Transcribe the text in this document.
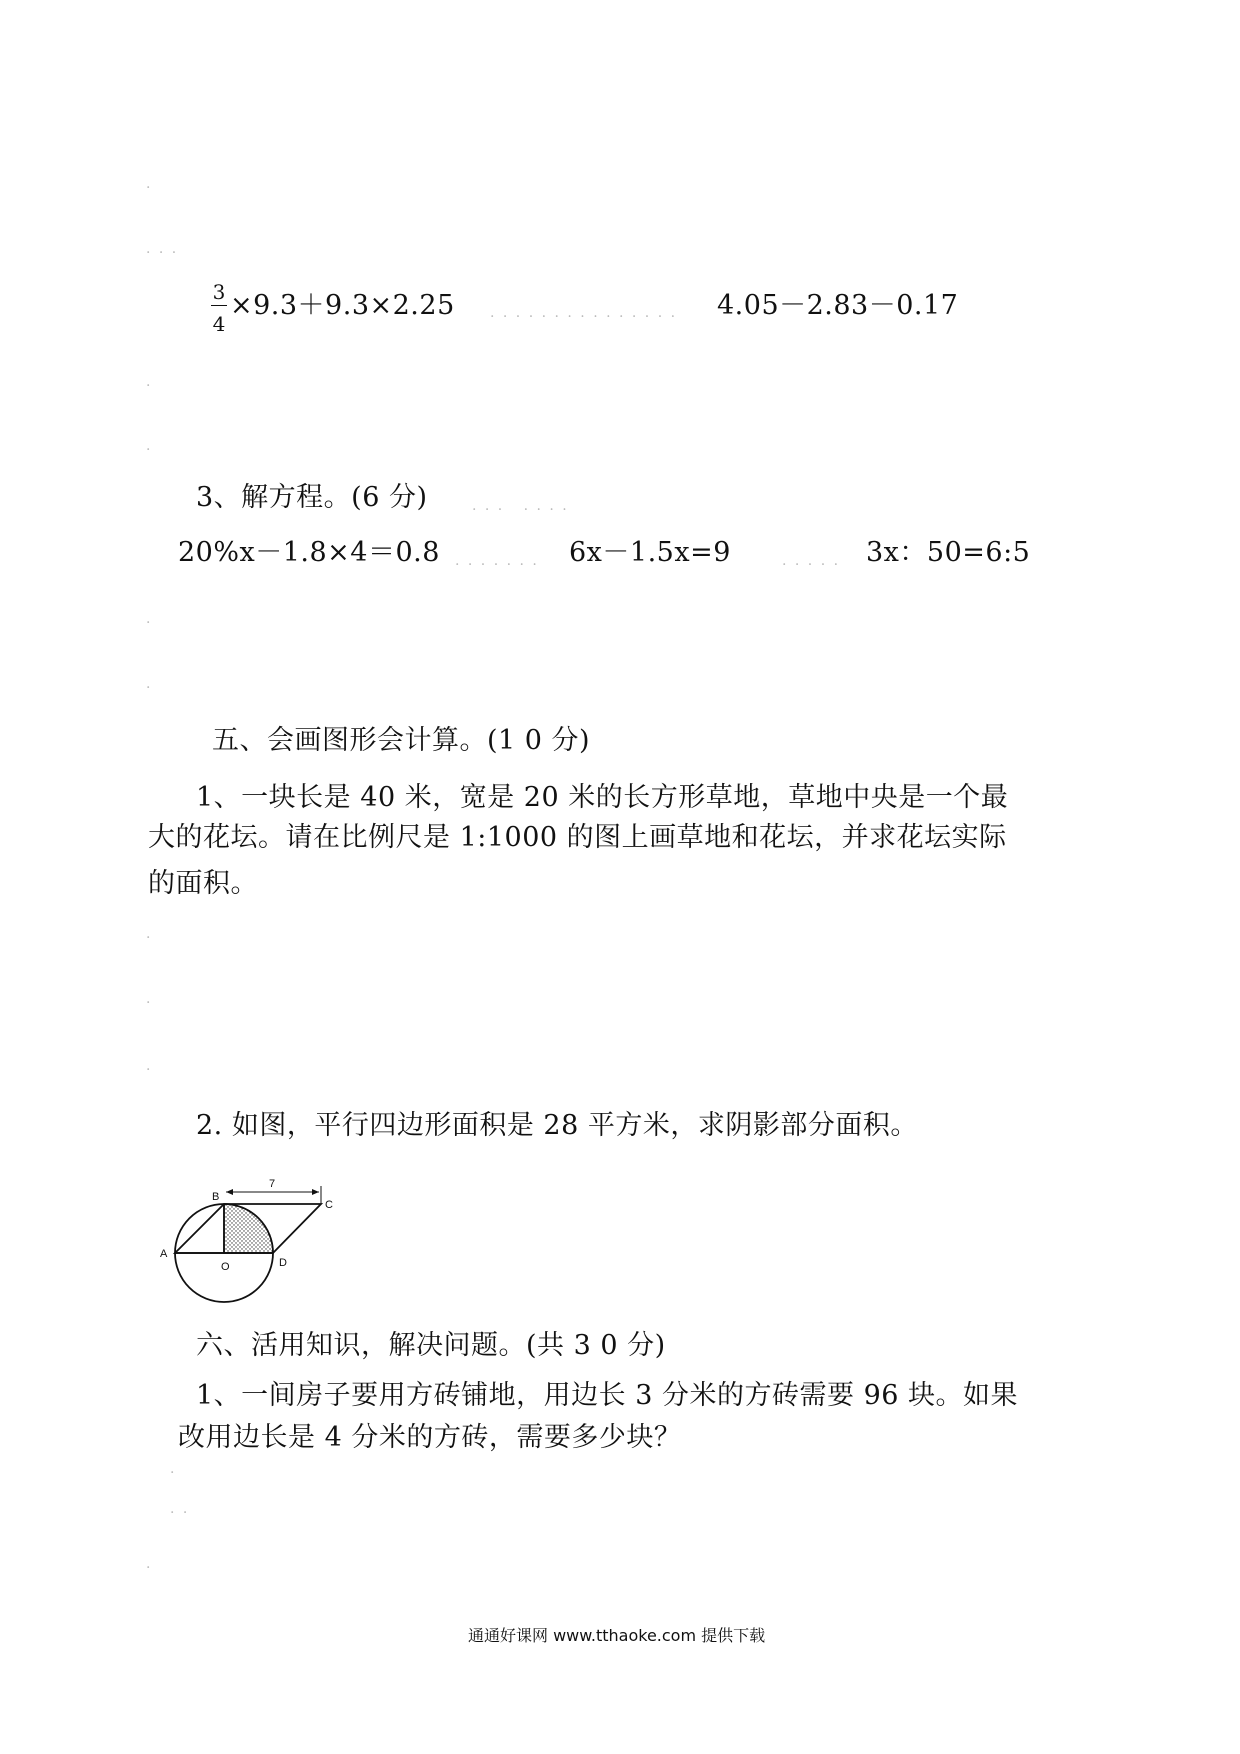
·
· · ·
·
·
·
·
·
·
·
·
· ·
·
3
4
×9.3＋9.3×2.25	. . . . . . . . . . . . . . . 4.05－2.83－0.17
3、解方程。(6 分)	. . .   . . . .
20%x－1.8×4＝0.8 . . . . . . . 6x－1.5x=9	. . . . . 3x：50=6:5
五、会画图形会计算。(1 0 分)
1、一块长是 40 米，宽是 20 米的长方形草地，草地中央是一个最
大的花坛。请在比例尺是 1:1000 的图上画草地和花坛，并求花坛实际
的面积。
2. 如图，平行四边形面积是 28 平方米，求阴影部分面积。
7
B
C
A
O	D
六、活用知识，解决问题。(共 3 0 分)
1、一间房子要用方砖铺地，用边长 3 分米的方砖需要 96 块。如果
改用边长是 4 分米的方砖，需要多少块？
通通好课网 www.tthaoke.com 提供下载
